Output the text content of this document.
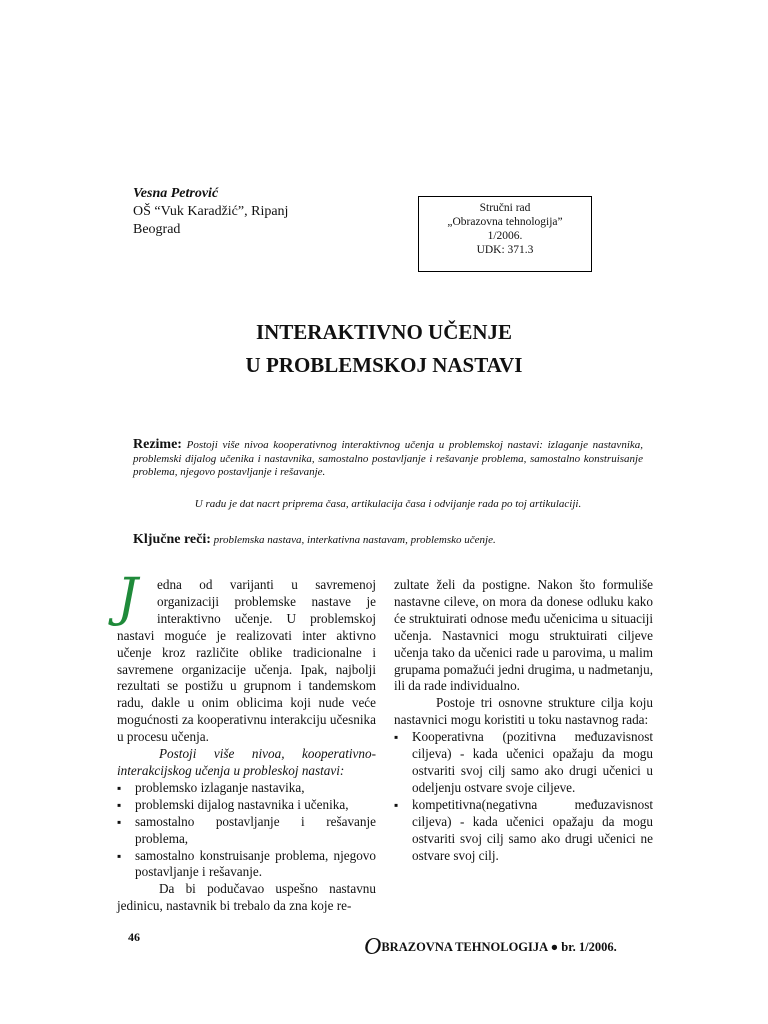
Vesna Petrović
OŠ “Vuk Karadžić”, Ripanj
Beograd
Stručni rad
„Obrazovna tehnologija”
1/2006.
UDK: 371.3
INTERAKTIVNO UČENJE
U PROBLEMSKOJ NASTAVI
Rezime: Postoji više nivoa kooperativnog interaktivnog učenja u problemskoj nastavi: izlaganje nastavnika, problemski dijalog učenika i nastavnika, samostalno postavljanje i rešavanje problema, samostalno konstruisanje problema, njegovo postavljanje i rešavanje.
U radu je dat nacrt priprema časa, artikulacija časa i odvijanje rada po toj artikulaciji.
Ključne reči: problemska nastava, interkativna nastavam, problemsko učenje.
J	edna od varijanti u savremenoj organizaciji problemske nastave je interaktivno učenje. U problemskoj nastavi moguće je realizovati inter aktivno učenje kroz različite oblike tradicionalne i savremene organizacije učenja. Ipak, najbolji rezultati se postižu u grupnom i tandemskom radu, dakle u onim oblicima koji nude veće mogućnosti za kooperativnu interakciju učesnika u procesu učenja.

Postoji više nivoa, kooperativno-interakcijskog učenja u probleskoj nastavi:

▪ problemsko izlaganje nastavika,
▪ problemski dijalog nastavnika i učenika,
▪ samostalno postavljanje i rešavanje problema,
▪ samostalno konstruisanje problema, njegovo postavljanje i rešavanje.

Da bi podučavao uspešno nastavnu jedinicu, nastavnik bi trebalo da zna koje re-

zultate želi da postigne. Nakon što formuliše nastavne cileve, on mora da donese odluku kako će struktuirati odnose među učenicima u situaciji učenja. Nastavnici mogu struktuirati ciljeve učenja tako da učenici rade u parovima, u malim grupama pomažući jedni drugima, u nadmetanju, ili da rade individualno.

Postoje tri osnovne strukture cilja koju nastavnici mogu koristiti u toku nastavnog rada:

▪ Kooperativna (pozitivna međuzavisnost ciljeva) - kada učenici opažaju da mogu ostvariti svoj cilj samo ako drugi učenici u odeljenju ostvare svoje ciljeve.
▪ kompetitivna(negativna međuzavisnost ciljeva) - kada učenici opažaju da mogu ostvariti svoj cilj samo ako drugi učenici ne ostvare svoj cilj.
46	OBRAZOVNA TEHNOLOGIJA ● br. 1/2006.
